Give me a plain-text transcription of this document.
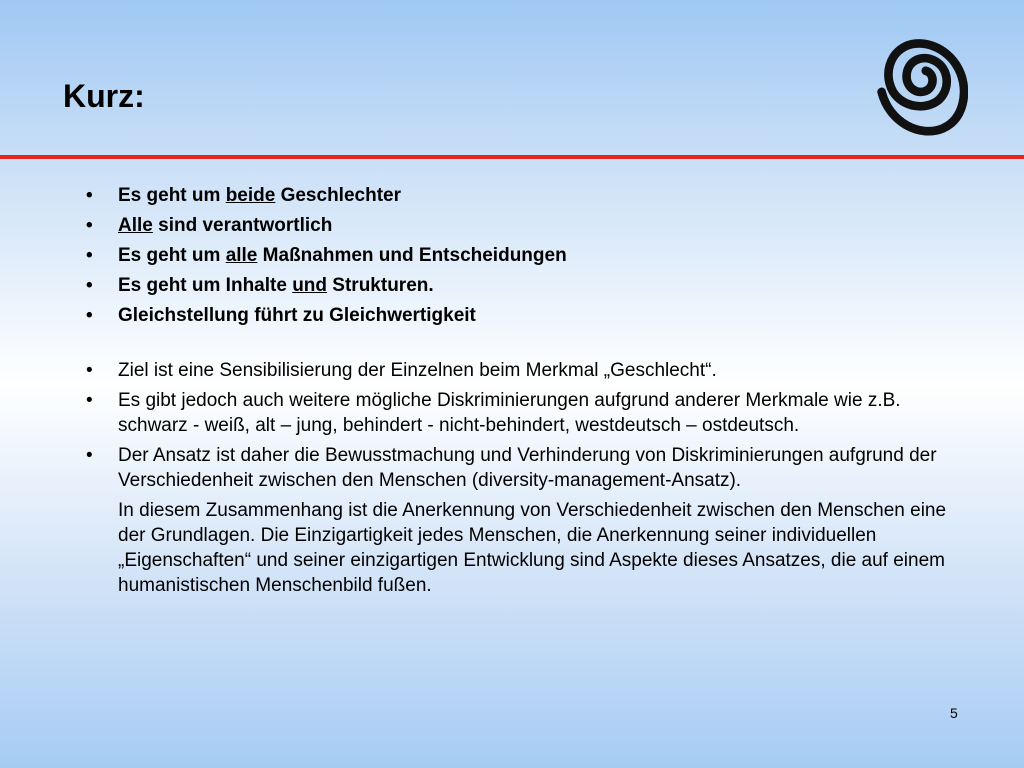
Kurz:
• Es geht um beide Geschlechter
• Alle sind verantwortlich
• Es geht um alle Maßnahmen und Entscheidungen
• Es geht um Inhalte und Strukturen.
• Gleichstellung führt zu Gleichwertigkeit
• Ziel ist eine Sensibilisierung der Einzelnen beim Merkmal „Geschlecht“.
• Es gibt jedoch auch weitere mögliche Diskriminierungen aufgrund anderer Merkmale wie z.B. schwarz - weiß, alt – jung, behindert - nicht-behindert, westdeutsch – ostdeutsch.
• Der Ansatz ist daher die Bewusstmachung und Verhinderung von Diskriminierungen aufgrund der Verschiedenheit zwischen den Menschen (diversity-management-Ansatz).
In diesem Zusammenhang ist die Anerkennung von Verschiedenheit zwischen den Menschen eine der Grundlagen. Die Einzigartigkeit jedes Menschen, die Anerkennung seiner individuellen „Eigenschaften“ und seiner einzigartigen Entwicklung sind Aspekte dieses Ansatzes, die auf einem humanistischen Menschenbild fußen.
5
